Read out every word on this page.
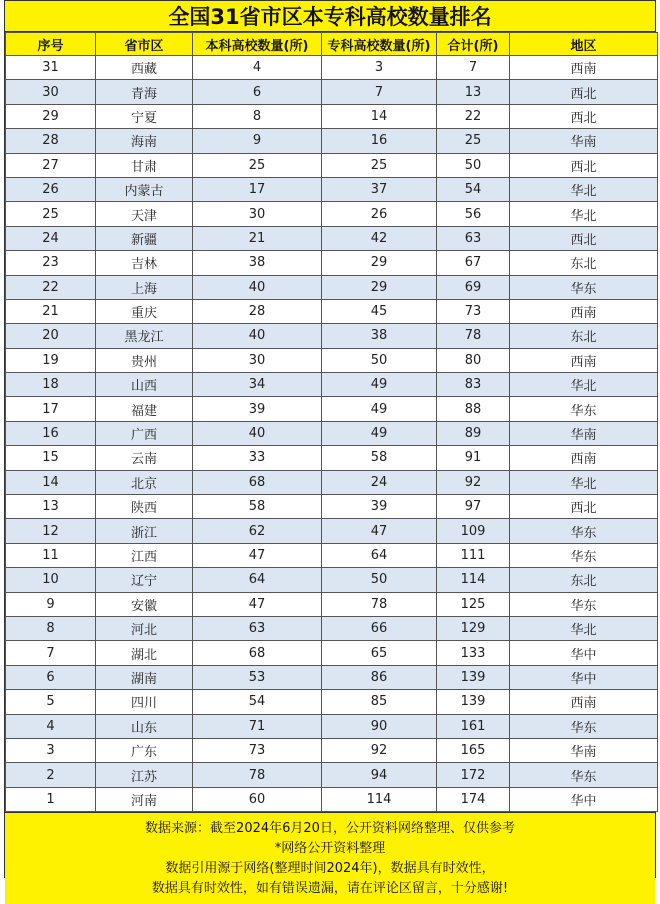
全国31省市区本专科高校数量排名
序号	省市区	本科高校数量(所)	专科高校数量(所)	合计(所)	地区
31	西藏	4	3	7	西南
30	青海	6	7	13	西北
29	宁夏	8	14	22	西北
28	海南	9	16	25	华南
27	甘肃	25	25	50	西北
26	内蒙古	17	37	54	华北
25	天津	30	26	56	华北
24	新疆	21	42	63	西北
23	吉林	38	29	67	东北
22	上海	40	29	69	华东
21	重庆	28	45	73	西南
20	黑龙江	40	38	78	东北
19	贵州	30	50	80	西南
18	山西	34	49	83	华北
17	福建	39	49	88	华东
16	广西	40	49	89	华南
15	云南	33	58	91	西南
14	北京	68	24	92	华北
13	陕西	58	39	97	西北
12	浙江	62	47	109	华东
11	江西	47	64	111	华东
10	辽宁	64	50	114	东北
9	安徽	47	78	125	华东
8	河北	63	66	129	华北
7	湖北	68	65	133	华中
6	湖南	53	86	139	华中
5	四川	54	85	139	西南
4	山东	71	90	161	华东
3	广东	73	92	165	华南
2	江苏	78	94	172	华东
1	河南	60	114	174	华中
数据来源：截至2024年6月20日，公开资料网络整理、仅供参考
*网络公开资料整理
数据引用源于网络(整理时间2024年)，数据具有时效性，
数据具有时效性，如有错误遗漏，请在评论区留言，十分感谢!
